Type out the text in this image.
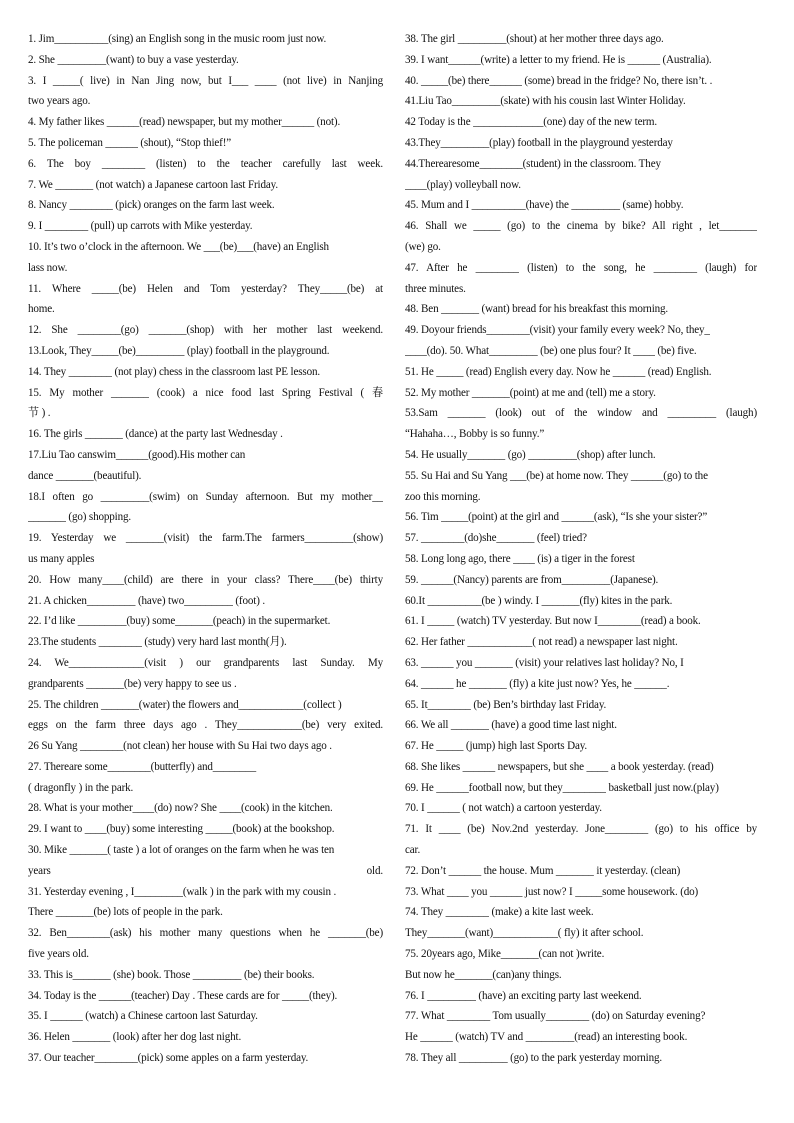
1. Jim__________(sing) an English song in the music room just now.
2. She _________(want) to buy a vase yesterday.
3. I _____( live) in Nan Jing now, but I___ ____ (not live) in Nanjing
two years ago.
4. My father likes ______(read) newspaper, but my mother______ (not).
5. The policeman ______ (shout), “Stop thief!”
6. The boy ________ (listen) to the teacher carefully last week.
7. We _______ (not watch) a Japanese cartoon last Friday.
8. Nancy ________ (pick) oranges on the farm last week.
9. I ________ (pull) up carrots with Mike yesterday.
10. It’s two o’clock in the afternoon. We ___(be)___(have) an English
lass now.
11. Where _____(be) Helen and Tom yesterday? They_____(be) at
home.
12. She ________(go) _______(shop) with her mother last weekend.
13.Look, They_____(be)_________ (play) football in the playground.
14. They ________ (not play) chess in the classroom last PE lesson.
15. My mother _______ (cook) a nice food last Spring Festival ( 春
节 ) .
16. The girls _______ (dance) at the party last Wednesday .
17.Liu Tao canswim______(good).His mother can
dance _______(beautiful).
18.I often go _________(swim) on Sunday afternoon. But my mother__
_______ (go) shopping.
19. Yesterday we _______(visit) the farm.The farmers_________(show)
us many apples
20. How many____(child) are there in your class? There____(be) thirty
21. A chicken_________ (have) two_________ (foot) .
22. I’d like _________(buy) some_______(peach) in the supermarket.
23.The students ________ (study) very hard last month(月).
24. We______________(visit ) our grandparents last Sunday. My
grandparents _______(be) very happy to see us .
25. The children _______(water) the flowers and____________(collect )
eggs on the farm three days ago . They____________(be) very exited.
26 Su Yang ________(not clean) her house with Su Hai two days ago .
27. Thereare some________(butterfly) and________
( dragonfly ) in the park.
28. What is your mother____(do) now? She ____(cook) in the kitchen.
29. I want to ____(buy) some interesting _____(book) at the bookshop.
30. Mike _______( taste ) a lot of oranges on the farm when he was ten
years old.
31. Yesterday evening , I_________(walk ) in the park with my cousin .
There _______(be) lots of people in the park.
32. Ben________(ask) his mother many questions when he _______(be)
five years old.
33. This is_______ (she) book. Those _________ (be) their books.
34. Today is the ______(teacher) Day . These cards are for _____(they).
35. I ______ (watch) a Chinese cartoon last Saturday.
36. Helen _______ (look) after her dog last night.
37. Our teacher________(pick) some apples on a farm yesterday.
38. The girl _________(shout) at her mother three days ago.
39. I want______(write) a letter to my friend. He is ______ (Australia).
40. _____(be) there______ (some) bread in the fridge? No, there isn’t. .
41.Liu Tao_________(skate) with his cousin last Winter Holiday.
42 Today is the _____________(one) day of the new term.
43.They_________(play) football in the playground yesterday
44.Therearesome________(student) in the classroom. They
____(play) volleyball now.
45. Mum and I __________(have) the _________ (same) hobby.
46. Shall we _____ (go) to the cinema by bike? All right , let_______
(we) go.
47. After he ________ (listen) to the song, he ________ (laugh) for
three minutes.
48. Ben _______ (want) bread for his breakfast this morning.
49. Doyour friends________(visit) your family every week? No, they_
____(do). 50. What_________ (be) one plus four? It ____ (be) five.
51. He _____ (read) English every day. Now he ______ (read) English.
52. My mother _______(point) at me and (tell) me a story.
53.Sam _______ (look) out of the window and _________ (laugh)
“Hahaha…, Bobby is so funny.”
54. He usually_______ (go) _________(shop) after lunch.
55. Su Hai and Su Yang ___(be) at home now. They ______(go) to the
zoo this morning.
56. Tim _____(point) at the girl and ______(ask), “Is she your sister?”
57. ________(do)she_______ (feel) tried?
58. Long long ago, there ____ (is) a tiger in the forest
59. ______(Nancy) parents are from_________(Japanese).
60.It __________(be ) windy. I _______(fly) kites in the park.
61. I _____ (watch) TV yesterday. But now I________(read) a book.
62. Her father ____________( not read) a newspaper last night.
63. ______ you _______ (visit) your relatives last holiday? No, I
64. ______ he _______ (fly) a kite just now? Yes, he ______.
65. It________ (be) Ben’s birthday last Friday.
66. We all _______ (have) a good time last night.
67. He _____ (jump) high last Sports Day.
68. She likes ______ newspapers, but she ____ a book yesterday. (read)
69. He ______football now, but they________ basketball just now.(play)
70. I ______ ( not watch) a cartoon yesterday.
71. It ____ (be) Nov.2nd yesterday. Jone________ (go) to his office by
car.
72. Don’t ______ the house. Mum _______ it yesterday. (clean)
73. What ____ you ______ just now? I _____some housework. (do)
74. They ________ (make) a kite last week.
They_______(want)____________( fly) it after school.
75. 20years ago, Mike_______(can not )write.
But now he_______(can)any things.
76. I _________ (have) an exciting party last weekend.
77. What ________ Tom usually________ (do) on Saturday evening?
He ______ (watch) TV and _________(read) an interesting book.
78. They all _________ (go) to the park yesterday morning.
